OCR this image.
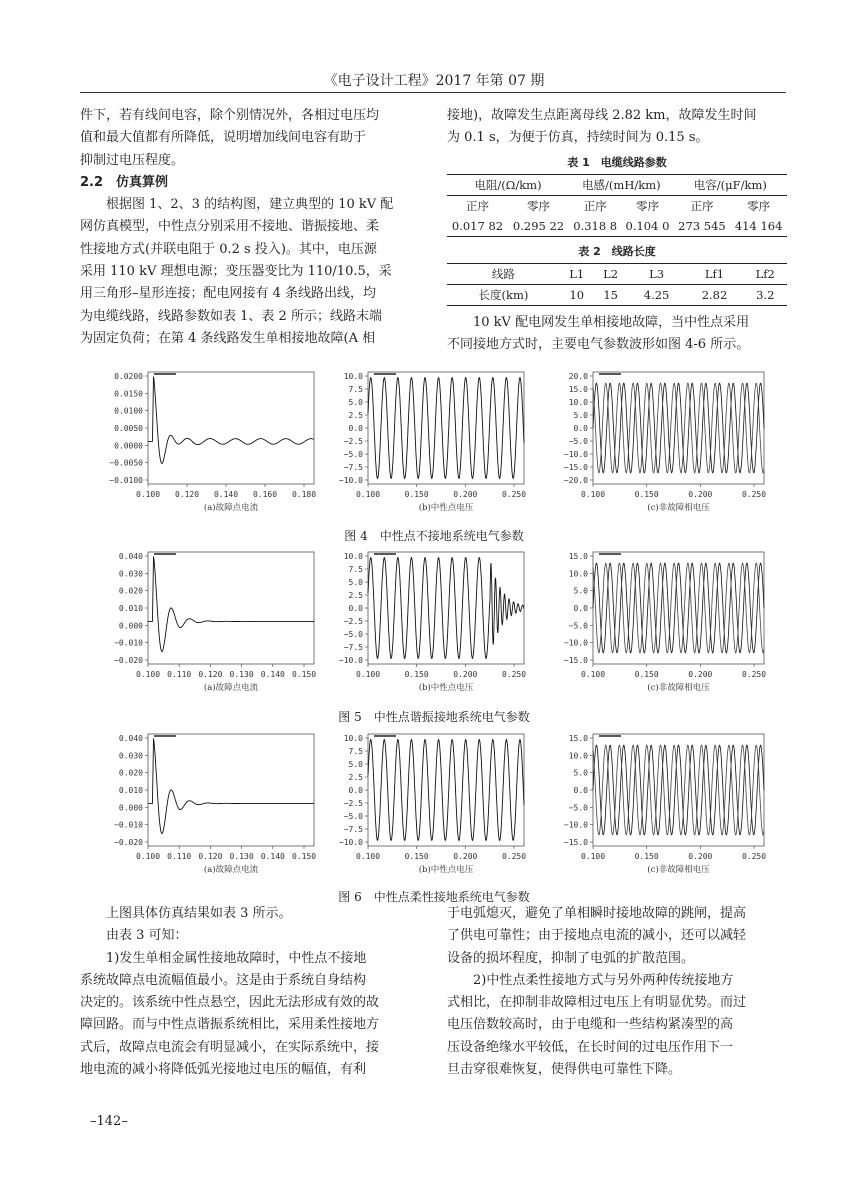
《电子设计工程》2017 年第 07 期

件下，若有线间电容，除个别情况外，各相过电压均

值和最大值都有所降低，说明增加线间电容有助于

抑制过电压程度。

2.2　仿真算例

根据图 1、2、3 的结构图，建立典型的 10 kV 配

网仿真模型，中性点分别采用不接地、谐振接地、柔

性接地方式(并联电阻于 0.2 s 投入)。其中，电压源

采用 110 kV 理想电源；变压器变比为 110/10.5，采

用三角形–星形连接；配电网接有 4 条线路出线，均

为电缆线路，线路参数如表 1、表 2 所示；线路末端

为固定负荷；在第 4 条线路发生单相接地故障(A 相

接地)，故障发生点距离母线 2.82 km，故障发生时间

为 0.1 s，为便于仿真，持续时间为 0.15 s。

表 1　电缆线路参数
电阻/(Ω/km)		电感/(mH/km)		电容/(μF/km)	
正序	零序	正序	零序	正序	零序
0.017 82	0.295 22	0.318 8	0.104 0	273 545	414 164
表 2　线路长度
线路	L1	L2	L3	Lf1	Lf2
长度(km)	10	15	4.25	2.82	3.2

10 kV 配电网发生单相接地故障，当中性点采用

不同接地方式时，主要电气参数波形如图 4-6 所示。

0.0200
0.0150
0.0100
0.0050
0.0000
−0.0050
−0.0100
0.100 0.120 0.140 0.160 0.180
(a)故障点电流
10.0
7.5
5.0
2.5
0.0
−2.5
−5.0
−7.5
−10.0
0.100	0.150	0.200	0.250
(b)中性点电压
20.0
15.0
10.0
5.0
0.0
−5.0
−10.0
−15.0
−20.0
0.100	0.150	0.200	0.250
(c)非故障相电压
图 4　中性点不接地系统电气参数
0.040
0.030
0.020
0.010
0.000
−0.010
−0.020
0.100 0.110 0.120 0.130 0.140 0.150
(a)故障点电流
10.0
7.5
5.0
2.5
0.0
−2.5
−5.0
−7.5
−10.0
0.100	0.150	0.200	0.250
(b)中性点电压
15.0
10.0
5.0
0.0
−5.0
−10.0
−15.0
0.100	0.150	0.200	0.250
(c)非故障相电压
图 5　中性点谐振接地系统电气参数
0.040
0.030
0.020
0.010
0.000
−0.010
−0.020
0.100 0.110 0.120 0.130 0.140 0.150
(a)故障点电流
10.0
7.5
5.0
2.5
0.0
−2.5
−5.0
−7.5
−10.0
0.100	0.150	0.200	0.250
(b)中性点电压
15.0
10.0
5.0
0.0
−5.0
−10.0
−15.0
0.100	0.150	0.200	0.250
(c)非故障相电压
图 6　中性点柔性接地系统电气参数

上图具体仿真结果如表 3 所示。

由表 3 可知：

1)发生单相金属性接地故障时，中性点不接地

系统故障点电流幅值最小。这是由于系统自身结构

决定的。该系统中性点悬空，因此无法形成有效的故

障回路。而与中性点谐振系统相比，采用柔性接地方

式后，故障点电流会有明显减小，在实际系统中，接

地电流的减小将降低弧光接地过电压的幅值，有利

于电弧熄灭，避免了单相瞬时接地故障的跳闸，提高

了供电可靠性；由于接地点电流的减小，还可以减轻

设备的损坏程度，抑制了电弧的扩散范围。

2)中性点柔性接地方式与另外两种传统接地方

式相比，在抑制非故障相过电压上有明显优势。而过

电压倍数较高时，由于电缆和一些结构紧凑型的高

压设备绝缘水平较低，在长时间的过电压作用下一

旦击穿很难恢复，使得供电可靠性下降。

–142–
